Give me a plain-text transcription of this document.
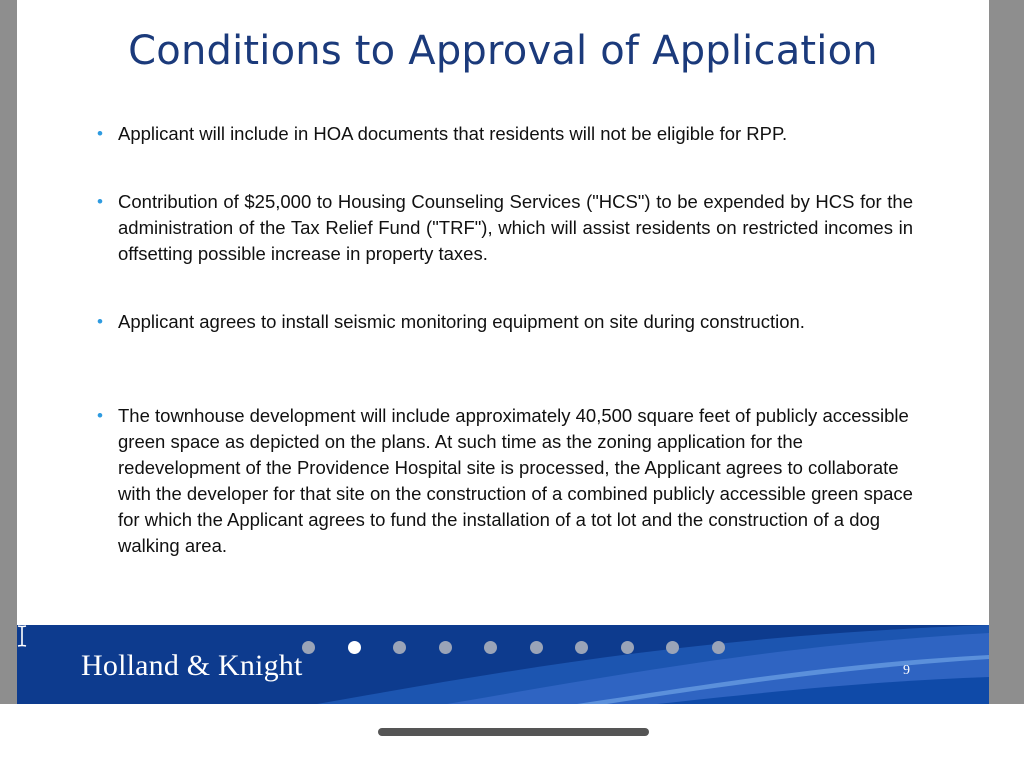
Conditions to Approval of Application
• Applicant will include in HOA documents that residents will not be eligible for RPP.
• Contribution of $25,000 to Housing Counseling Services ("HCS") to be expended by HCS for the administration of the Tax Relief Fund ("TRF"), which will assist residents on restricted incomes in offsetting possible increase in property taxes.
• Applicant agrees to install seismic monitoring equipment on site during construction.
• The townhouse development will include approximately 40,500 square feet of publicly accessible green space as depicted on the plans. At such time as the zoning application for the redevelopment of the Providence Hospital site is processed, the Applicant agrees to collaborate with the developer for that site on the construction of a combined publicly accessible green space for which the Applicant agrees to fund the installation of a tot lot and the construction of a dog walking area.
Holland & Knight	9
